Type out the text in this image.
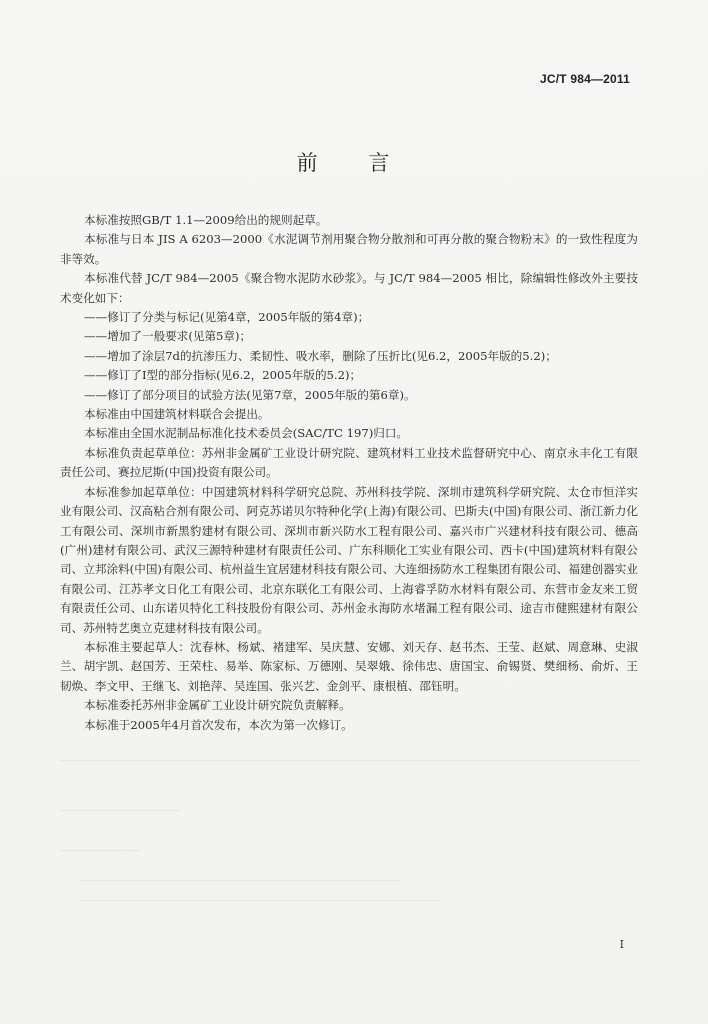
JC/T 984—2011
前 言

本标准按照GB/T 1.1—2009给出的规则起草。

本标准与日本 JIS A 6203—2000《水泥调节剂用聚合物分散剂和可再分散的聚合物粉末》的一致性程度为非等效。

本标准代替 JC/T 984—2005《聚合物水泥防水砂浆》。与 JC/T 984—2005 相比，除编辑性修改外主要技术变化如下：

——修订了分类与标记(见第4章，2005年版的第4章)；

——增加了一般要求(见第5章)；

——增加了涂层7d的抗渗压力、柔韧性、吸水率，删除了压折比(见6.2，2005年版的5.2)；

——修订了Ⅰ型的部分指标(见6.2，2005年版的5.2)；

——修订了部分项目的试验方法(见第7章，2005年版的第6章)。

本标准由中国建筑材料联合会提出。

本标准由全国水泥制品标准化技术委员会(SAC/TC 197)归口。

本标准负责起草单位：苏州非金属矿工业设计研究院、建筑材料工业技术监督研究中心、南京永丰化工有限责任公司、赛拉尼斯(中国)投资有限公司。

本标准参加起草单位：中国建筑材料科学研究总院、苏州科技学院、深圳市建筑科学研究院、太仓市恒洋实业有限公司、汉高粘合剂有限公司、阿克苏诺贝尔特种化学(上海)有限公司、巴斯夫(中国)有限公司、浙江新力化工有限公司、深圳市新黑豹建材有限公司、深圳市新兴防水工程有限公司、嘉兴市广兴建材科技有限公司、德高(广州)建材有限公司、武汉三源特种建材有限责任公司、广东科顺化工实业有限公司、西卡(中国)建筑材料有限公司、立邦涂料(中国)有限公司、杭州益生宜居建材科技有限公司、大连细扬防水工程集团有限公司、福建创器实业有限公司、江苏孝文日化工有限公司、北京东联化工有限公司、上海睿孚防水材料有限公司、东营市金友来工贸有限责任公司、山东诺贝特化工科技股份有限公司、苏州金永海防水堵漏工程有限公司、途吉市健熙建材有限公司、苏州特艺奥立克建材科技有限公司。

本标准主要起草人：沈春林、杨斌、褚建军、吴庆慧、安娜、刘天存、赵书杰、王莹、赵斌、周意琳、史淑兰、胡宇凯、赵国芳、王荣柱、易举、陈家标、万德刚、吴翠娥、徐伟忠、唐国宝、俞锡贤、樊细杨、俞炘、王韧焕、李文甲、王继飞、刘艳萍、吴连国、张兴艺、金剑平、康根植、邵钰明。

本标准委托苏州非金属矿工业设计研究院负责解释。

本标准于2005年4月首次发布，本次为第一次修订。

I
